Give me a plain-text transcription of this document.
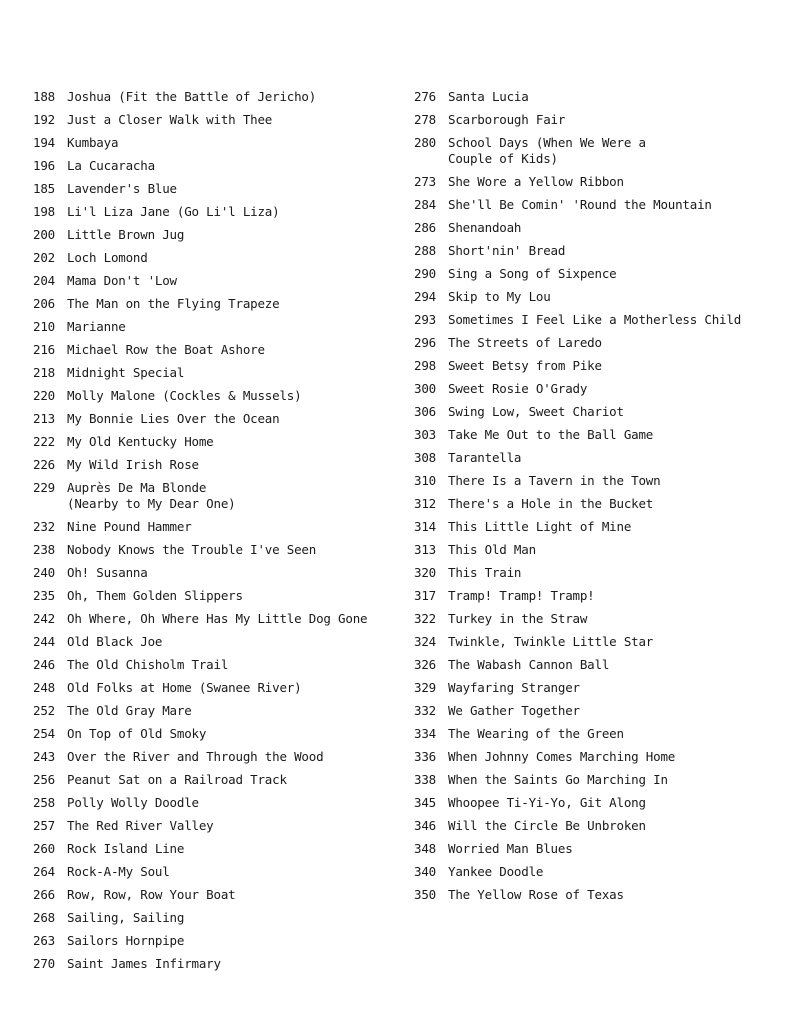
188 Joshua (Fit the Battle of Jericho)
192 Just a Closer Walk with Thee
194 Kumbaya
196 La Cucaracha
185 Lavender's Blue
198 Li'l Liza Jane (Go Li'l Liza)
200 Little Brown Jug
202 Loch Lomond
204 Mama Don't 'Low
206 The Man on the Flying Trapeze
210 Marianne
216 Michael Row the Boat Ashore
218 Midnight Special
220 Molly Malone (Cockles & Mussels)
213 My Bonnie Lies Over the Ocean
222 My Old Kentucky Home
226 My Wild Irish Rose
229 Auprès De Ma Blonde
(Nearby to My Dear One)
232 Nine Pound Hammer
238 Nobody Knows the Trouble I've Seen
240 Oh! Susanna
235 Oh, Them Golden Slippers
242 Oh Where, Oh Where Has My Little Dog Gone
244 Old Black Joe
246 The Old Chisholm Trail
248 Old Folks at Home (Swanee River)
252 The Old Gray Mare
254 On Top of Old Smoky
243 Over the River and Through the Wood
256 Peanut Sat on a Railroad Track
258 Polly Wolly Doodle
257 The Red River Valley
260 Rock Island Line
264 Rock-A-My Soul
266 Row, Row, Row Your Boat
268 Sailing, Sailing
263 Sailors Hornpipe
270 Saint James Infirmary
276 Santa Lucia
278 Scarborough Fair
280 School Days (When We Were a
Couple of Kids)
273 She Wore a Yellow Ribbon
284 She'll Be Comin' 'Round the Mountain
286 Shenandoah
288 Short'nin' Bread
290 Sing a Song of Sixpence
294 Skip to My Lou
293 Sometimes I Feel Like a Motherless Child
296 The Streets of Laredo
298 Sweet Betsy from Pike
300 Sweet Rosie O'Grady
306 Swing Low, Sweet Chariot
303 Take Me Out to the Ball Game
308 Tarantella
310 There Is a Tavern in the Town
312 There's a Hole in the Bucket
314 This Little Light of Mine
313 This Old Man
320 This Train
317 Tramp! Tramp! Tramp!
322 Turkey in the Straw
324 Twinkle, Twinkle Little Star
326 The Wabash Cannon Ball
329 Wayfaring Stranger
332 We Gather Together
334 The Wearing of the Green
336 When Johnny Comes Marching Home
338 When the Saints Go Marching In
345 Whoopee Ti-Yi-Yo, Git Along
346 Will the Circle Be Unbroken
348 Worried Man Blues
340 Yankee Doodle
350 The Yellow Rose of Texas
